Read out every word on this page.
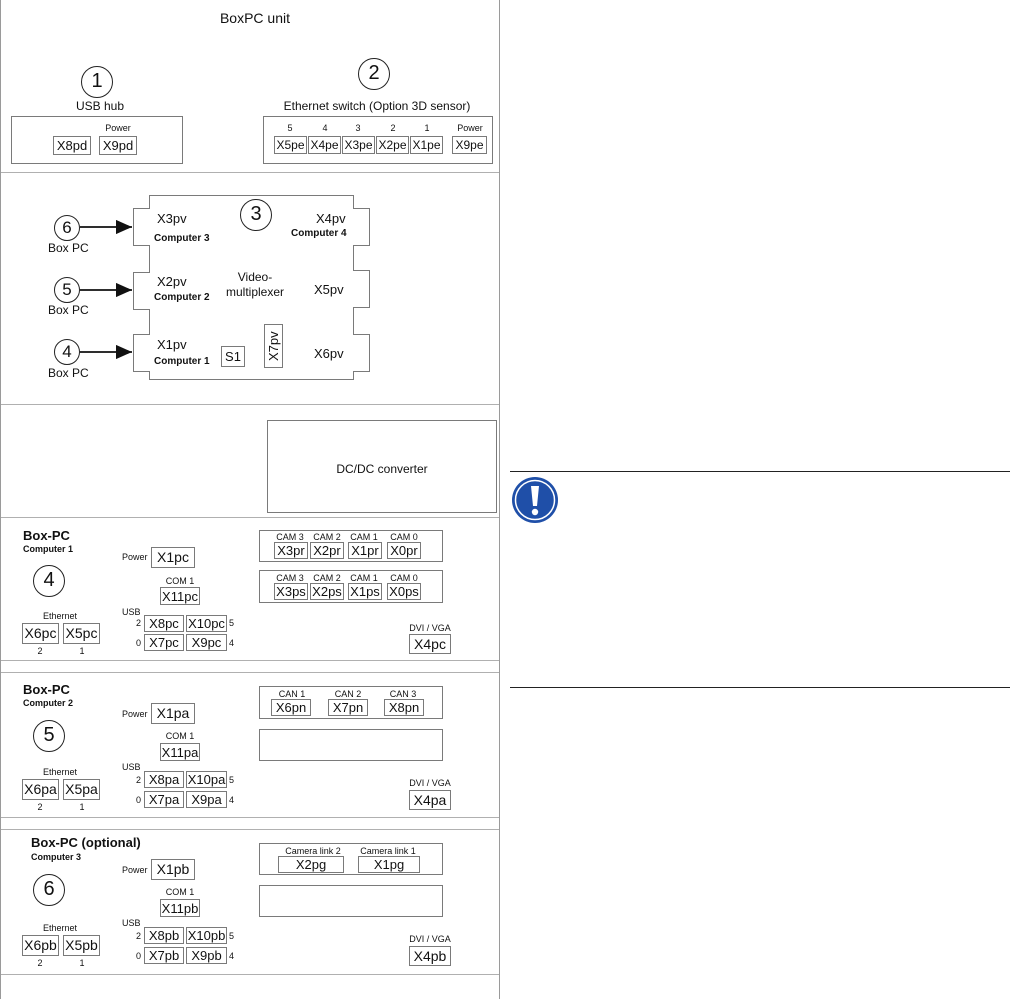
BoxPC unit
1
USB hub
Power
X8pd X9pd
2
Ethernet switch (Option 3D sensor)
5	4	3	2	1	Power
X5pe X4pe X3pe X2pe X1pe X9pe
3
X3pv
Computer 3
X2pv
Computer 2
X1pv
Computer 1
X4pv
Computer 4
X5pv
X6pv
Video-
multiplexer
S1	X7pv
6
Box PC
5
Box PC
4
Box PC
DC/DC converter
Box-PC
Computer 1
4
Ethernet
X6pc X5pc
2	1
Power X1pc
COM 1
X11pc
USB
2 X8pc X10pc 5
0 X7pc X9pc 4
CAM 3	CAM 2	CAM 1	CAM 0
X3pr X2pr X1pr X0pr
CAM 3	CAM 2	CAM 1	CAM 0
X3ps X2ps X1ps X0ps
DVI / VGA
X4pc
Box-PC
Computer 2
5
Ethernet
X6pa X5pa
2	1
Power X1pa
COM 1
X11pa
USB
2 X8pa X10pa 5
0 X7pa X9pa 4
CAN 1	CAN 2	CAN 3
X6pn	X7pn	X8pn
DVI / VGA
X4pa
Box-PC (optional)
Computer 3
6
Ethernet
X6pb X5pb
2	1
Power X1pb
COM 1
X11pb
USB
2 X8pb X10pb 5
0 X7pb X9pb 4
Camera link 2	Camera link 1
X2pg	X1pg
DVI / VGA
X4pb
